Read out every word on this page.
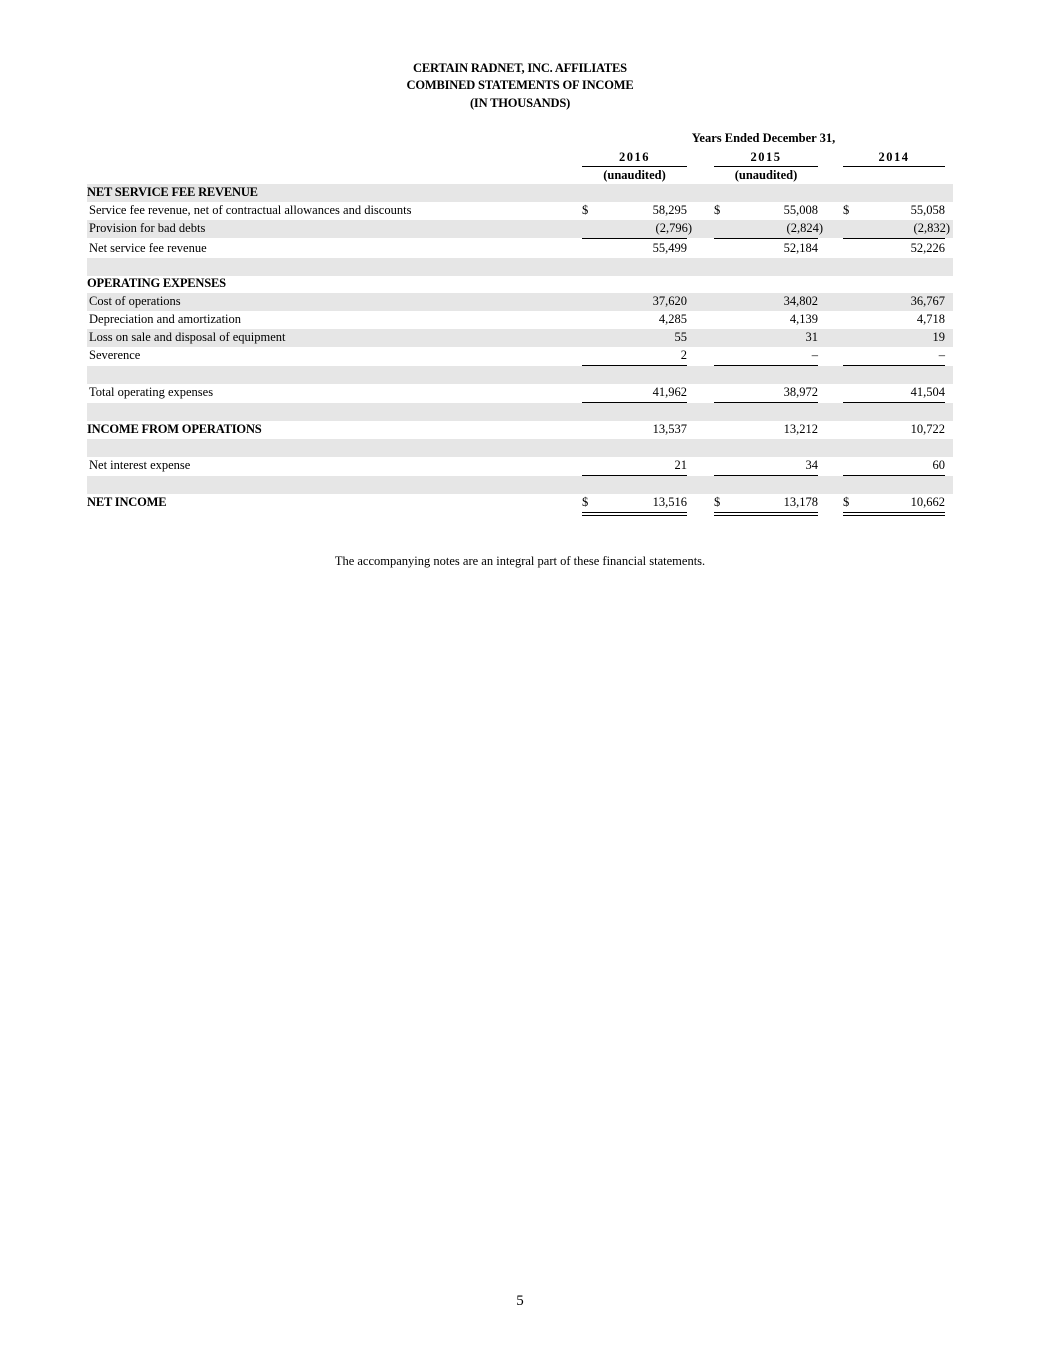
CERTAIN RADNET, INC. AFFILIATES
COMBINED STATEMENTS OF INCOME
(IN THOUSANDS)
Years Ended December 31,
2016	2015	2014
(unaudited)	(unaudited)
NET SERVICE FEE REVENUE
Service fee revenue, net of contractual allowances and discounts	$	58,295 $	55,008 $	55,058
Provision for bad debts	(2,796)	(2,824)	(2,832)
Net service fee revenue	55,499	52,184	52,226
OPERATING EXPENSES
Cost of operations	37,620	34,802	36,767
Depreciation and amortization	4,285	4,139	4,718
Loss on sale and disposal of equipment	55	31	19
Severence	2	–	–
Total operating expenses	41,962	38,972	41,504
INCOME FROM OPERATIONS	13,537	13,212	10,722
Net interest expense	21	34	60
NET INCOME	$	13,516 $	13,178 $	10,662
The accompanying notes are an integral part of these financial statements.
5
